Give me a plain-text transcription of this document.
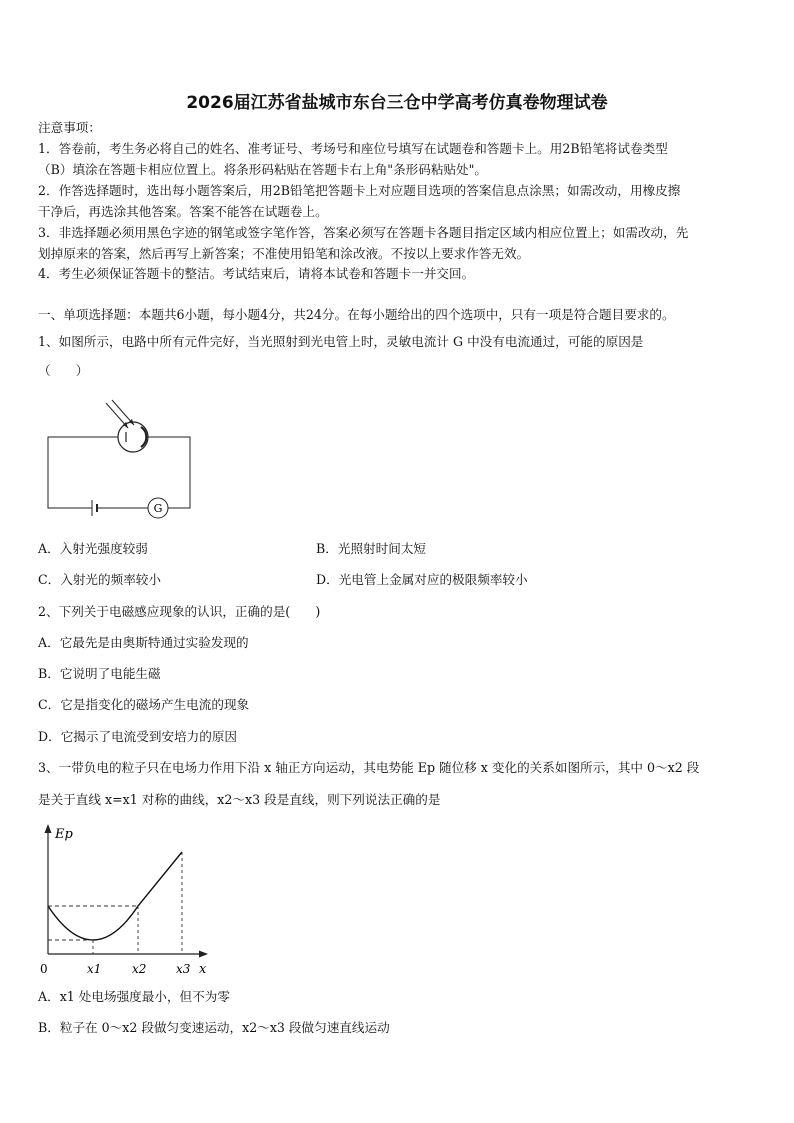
2026届江苏省盐城市东台三仓中学高考仿真卷物理试卷
注意事项：
1．答卷前，考生务必将自己的姓名、准考证号、考场号和座位号填写在试题卷和答题卡上。用2B铅笔将试卷类型
（B）填涂在答题卡相应位置上。将条形码粘贴在答题卡右上角"条形码粘贴处"。
2．作答选择题时，选出每小题答案后，用2B铅笔把答题卡上对应题目选项的答案信息点涂黑；如需改动，用橡皮擦
干净后，再选涂其他答案。答案不能答在试题卷上。
3．非选择题必须用黑色字迹的钢笔或签字笔作答，答案必须写在答题卡各题目指定区域内相应位置上；如需改动，先
划掉原来的答案，然后再写上新答案；不准使用铅笔和涂改液。不按以上要求作答无效。
4．考生必须保证答题卡的整洁。考试结束后，请将本试卷和答题卡一并交回。
一、单项选择题：本题共6小题，每小题4分，共24分。在每小题给出的四个选项中，只有一项是符合题目要求的。
1、如图所示，电路中所有元件完好，当光照射到光电管上时，灵敏电流计 G 中没有电流通过，可能的原因是
（　　）
G
A．入射光强度较弱	B．光照射时间太短
C．入射光的频率较小	D．光电管上金属对应的极限频率较小
2、下列关于电磁感应现象的认识，正确的是(　　)
A．它最先是由奥斯特通过实验发现的
B．它说明了电能生磁
C．它是指变化的磁场产生电流的现象
D．它揭示了电流受到安培力的原因
3、一带负电的粒子只在电场力作用下沿 x 轴正方向运动，其电势能 Ep 随位移 x 变化的关系如图所示，其中 0～x2 段
是关于直线 x=x1 对称的曲线，x2～x3 段是直线，则下列说法正确的是
Ep
x
0	x1	x2 x3
A．x1 处电场强度最小，但不为零
B．粒子在 0～x2 段做匀变速运动，x2～x3 段做匀速直线运动
